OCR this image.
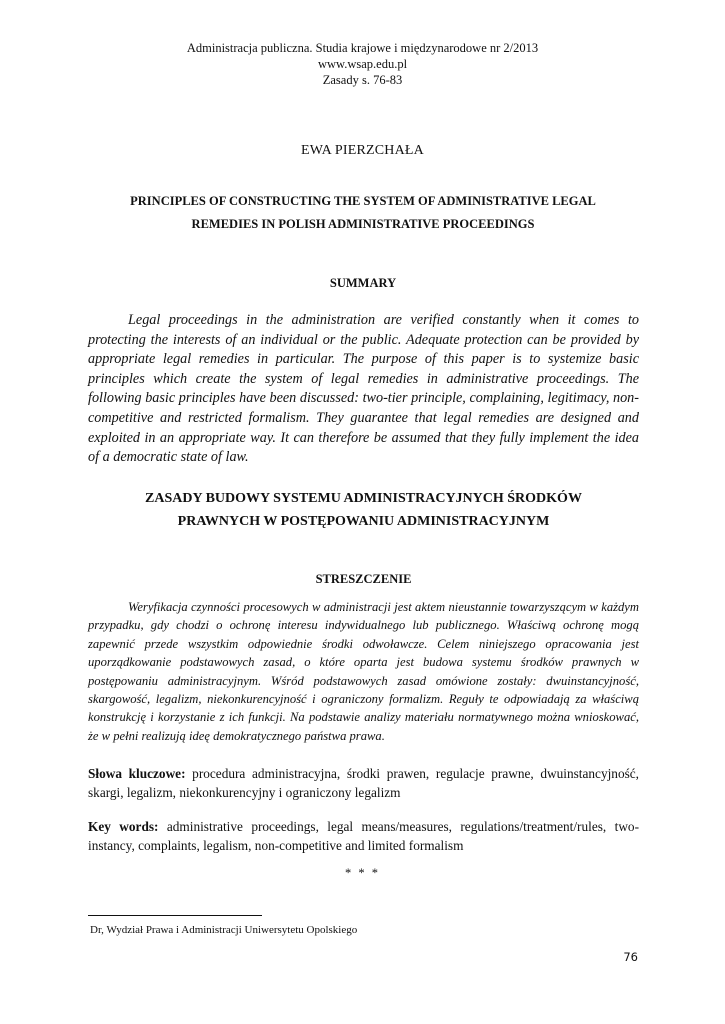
Administracja publiczna. Studia krajowe i międzynarodowe nr 2/2013
www.wsap.edu.pl
Zasady s. 76-83
EWA PIERZCHAŁA
PRINCIPLES OF CONSTRUCTING THE SYSTEM OF ADMINISTRATIVE LEGAL
REMEDIES IN POLISH ADMINISTRATIVE PROCEEDINGS
SUMMARY
Legal proceedings in the administration are verified constantly when it comes to protecting the interests of an individual or the public. Adequate protection can be provided by appropriate legal remedies in particular. The purpose of this paper is to systemize basic principles which create the system of legal remedies in administrative proceedings. The following basic principles have been discussed: two-tier principle, complaining, legitimacy, non-competitive and restricted formalism. They guarantee that legal remedies are designed and exploited in an appropriate way. It can therefore be assumed that they fully implement the idea of a democratic state of law.
ZASADY BUDOWY SYSTEMU ADMINISTRACYJNYCH ŚRODKÓW
PRAWNYCH W POSTĘPOWANIU ADMINISTRACYJNYM
STRESZCZENIE
Weryfikacja czynności procesowych w administracji jest aktem nieustannie towarzyszącym w każdym przypadku, gdy chodzi o ochronę interesu indywidualnego lub publicznego. Właściwą ochronę mogą zapewnić przede wszystkim odpowiednie środki odwoławcze. Celem niniejszego opracowania jest uporządkowanie podstawowych zasad, o które oparta jest budowa systemu środków prawnych w postępowaniu administracyjnym. Wśród podstawowych zasad omówione zostały: dwuinstancyjność, skargowość, legalizm, niekonkurencyjność i ograniczony formalizm. Reguły te odpowiadają za właściwą konstrukcję i korzystanie z ich funkcji. Na podstawie analizy materiału normatywnego można wnioskować, że w pełni realizują ideę demokratycznego państwa prawa.
Słowa kluczowe: procedura administracyjna, środki prawen, regulacje prawne, dwuinstancyjność, skargi, legalizm, niekonkurencyjny i ograniczony legalizm
Key words: administrative proceedings, legal means/measures, regulations/treatment/rules, two-instancy, complaints, legalism, non-competitive and limited formalism
* * *
Dr, Wydział Prawa i Administracji Uniwersytetu Opolskiego
76
